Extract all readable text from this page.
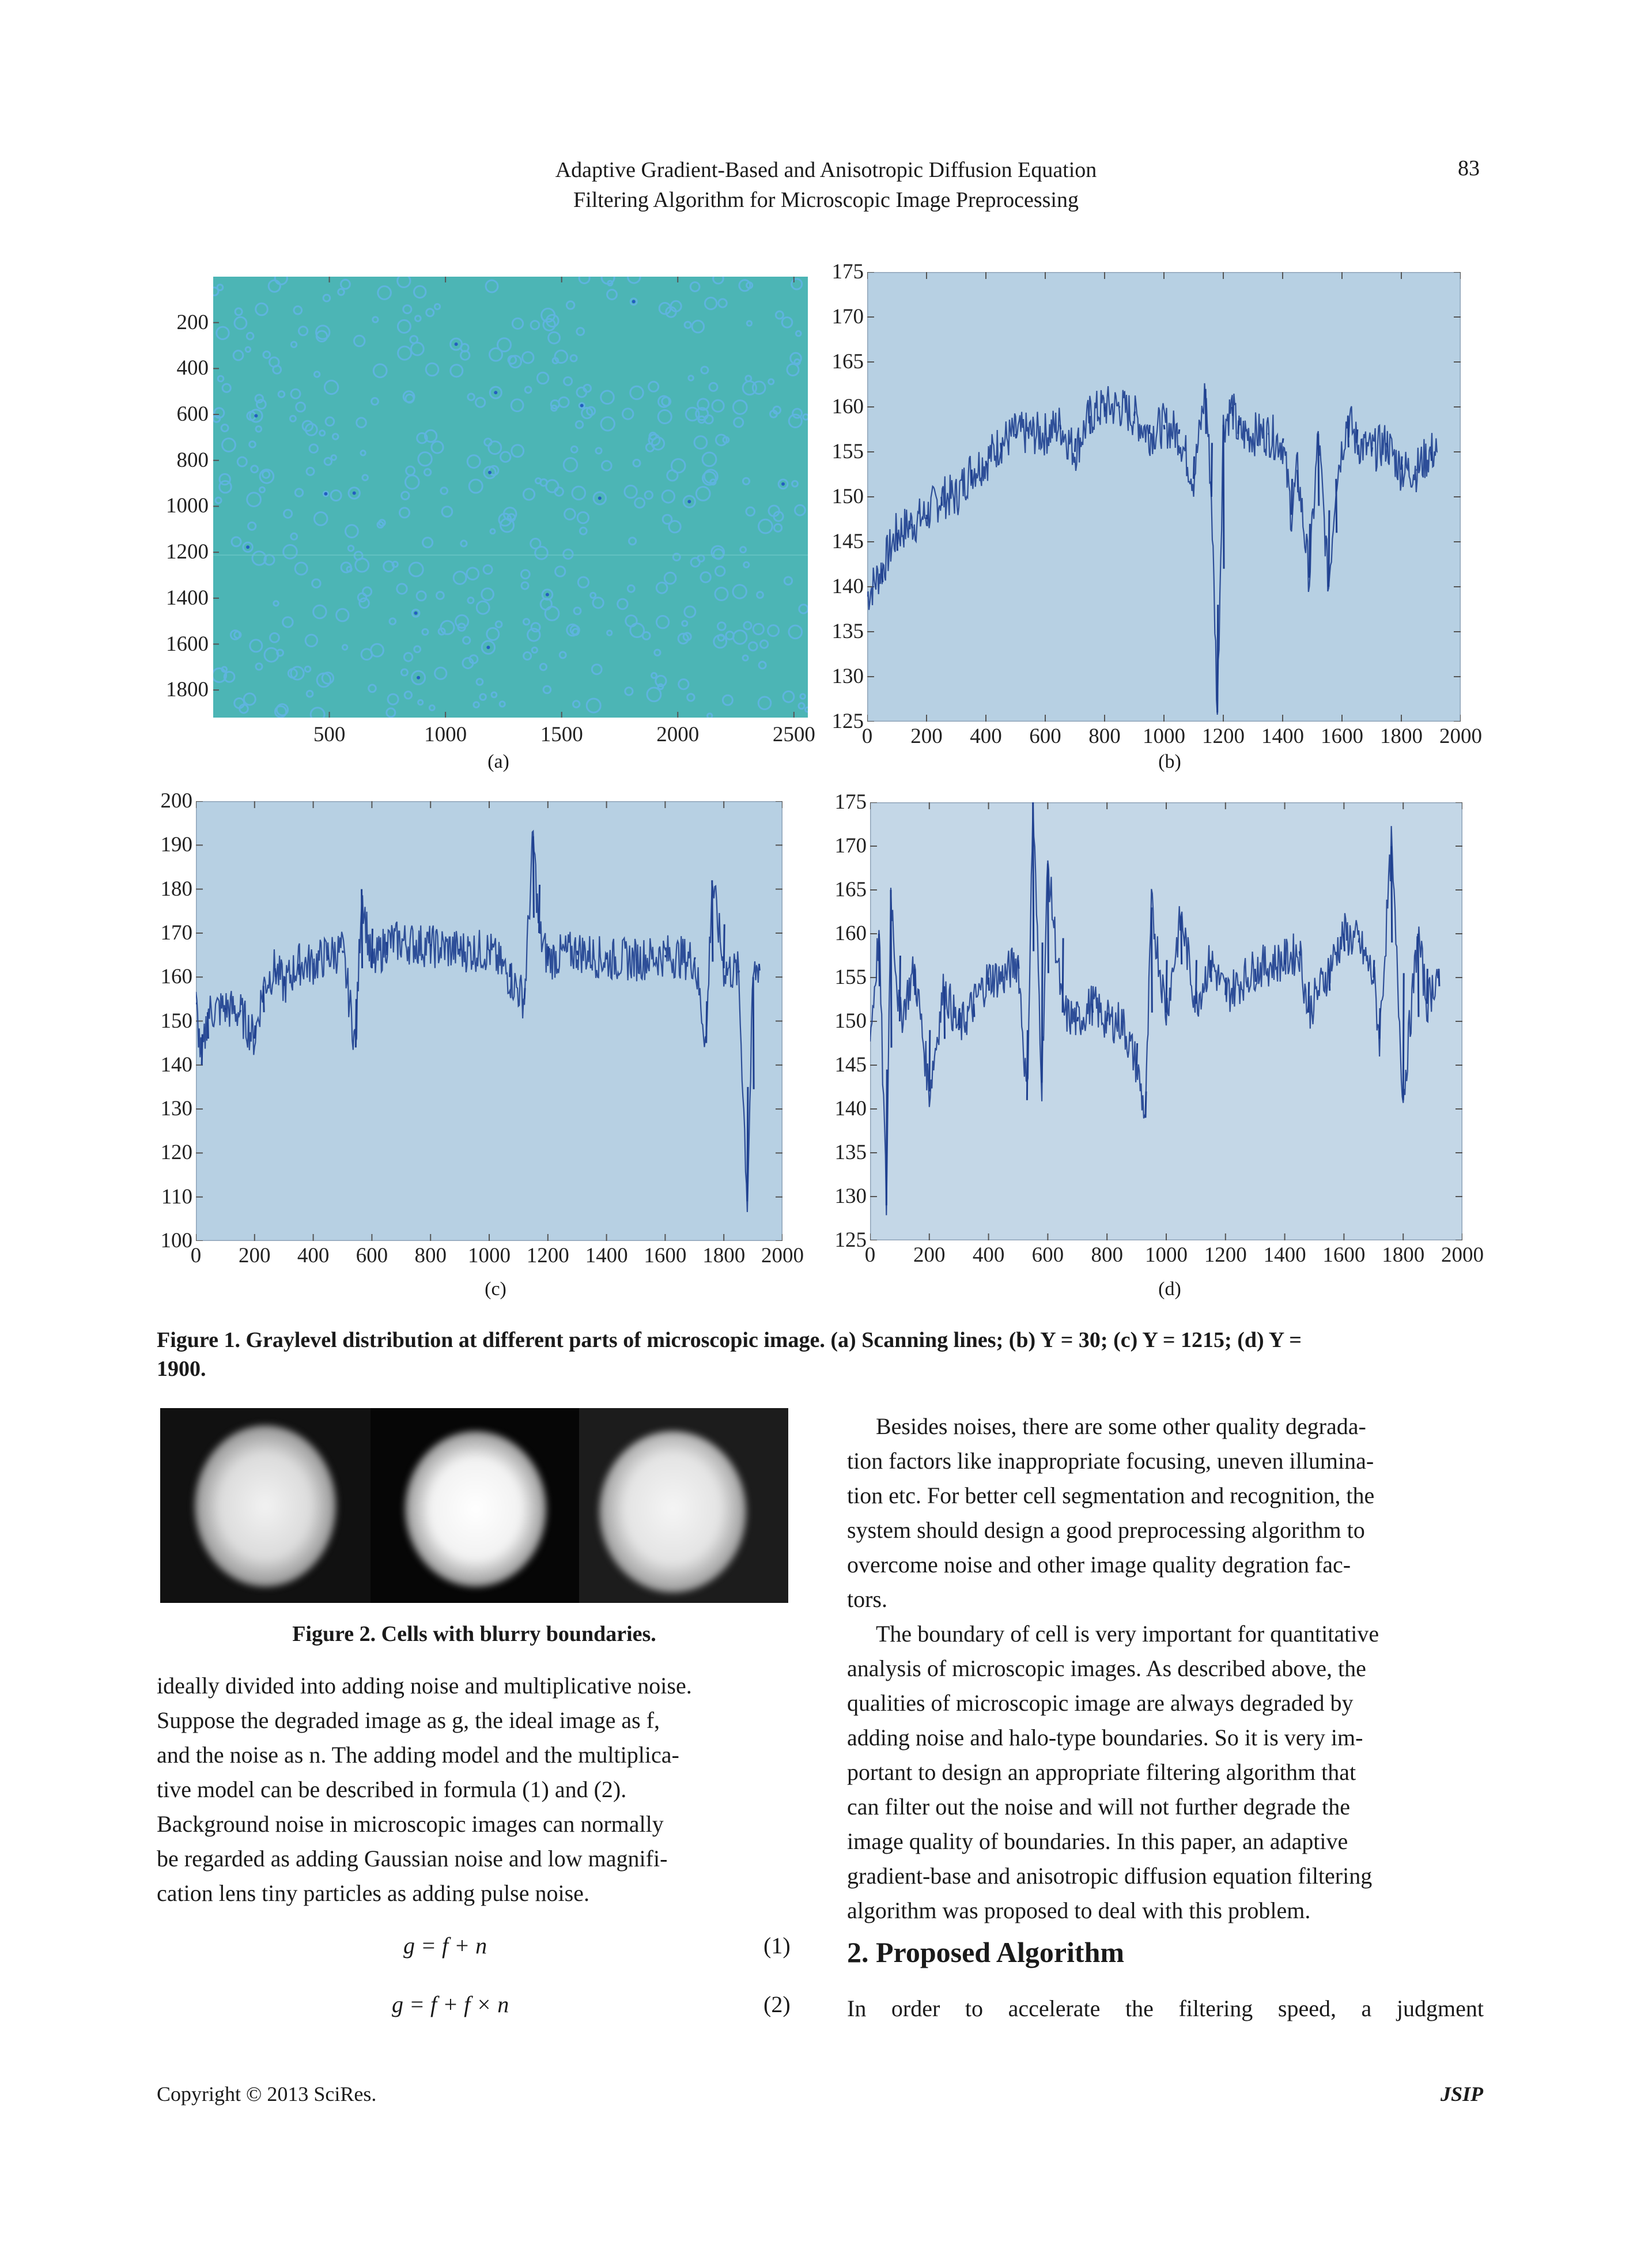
Adaptive Gradient-Based and Anisotropic Diffusion Equation
Filtering Algorithm for Microscopic Image Preprocessing
83
(a)	(b)
(c)	(d)
Figure 1. Graylevel distribution at different parts of microscopic image. (a) Scanning lines; (b) Y = 30; (c) Y = 1215; (d) Y =
1900.
Figure 2. Cells with blurry boundaries.

ideally divided into adding noise and multiplicative noise.

Suppose the degraded image as g, the ideal image as f,

and the noise as n. The adding model and the multiplica-

tive model can be described in formula (1) and (2).

Background noise in microscopic images can normally

be regarded as adding Gaussian noise and low magnifi-

cation lens tiny particles as adding pulse noise.

g = f + n	(1)
g = f + f × n	(2)

Besides noises, there are some other quality degrada-

tion factors like inappropriate focusing, uneven illumina-

tion etc. For better cell segmentation and recognition, the

system should design a good preprocessing algorithm to

overcome noise and other image quality degration fac-

tors.

The boundary of cell is very important for quantitative

analysis of microscopic images. As described above, the

qualities of microscopic image are always degraded by

adding noise and halo-type boundaries. So it is very im-

portant to design an appropriate filtering algorithm that

can filter out the noise and will not further degrade the

image quality of boundaries. In this paper, an adaptive

gradient-base and anisotropic diffusion equation filtering

algorithm was proposed to deal with this problem.

2. Proposed Algorithm
In order to accelerate the filtering speed, a judgment
Copyright © 2013 SciRes.	JSIP
0 200 400 600 800 1000 1200 1400 1600 1800 2000
125
130
135
140
145
150
155
160
165
170
175
0 200 400 600 800 1000 1200 1400 1600 1800 2000
100
110
120
130
140
150
160
170
180
190
200
0 200 400 600 800 1000 1200 1400 1600 1800 2000
125
130
135
140
145
150
155
160
165
170
175
500	1000	1500	2000	2500
200
400
600
800
1000
1200
1400
1600
1800
